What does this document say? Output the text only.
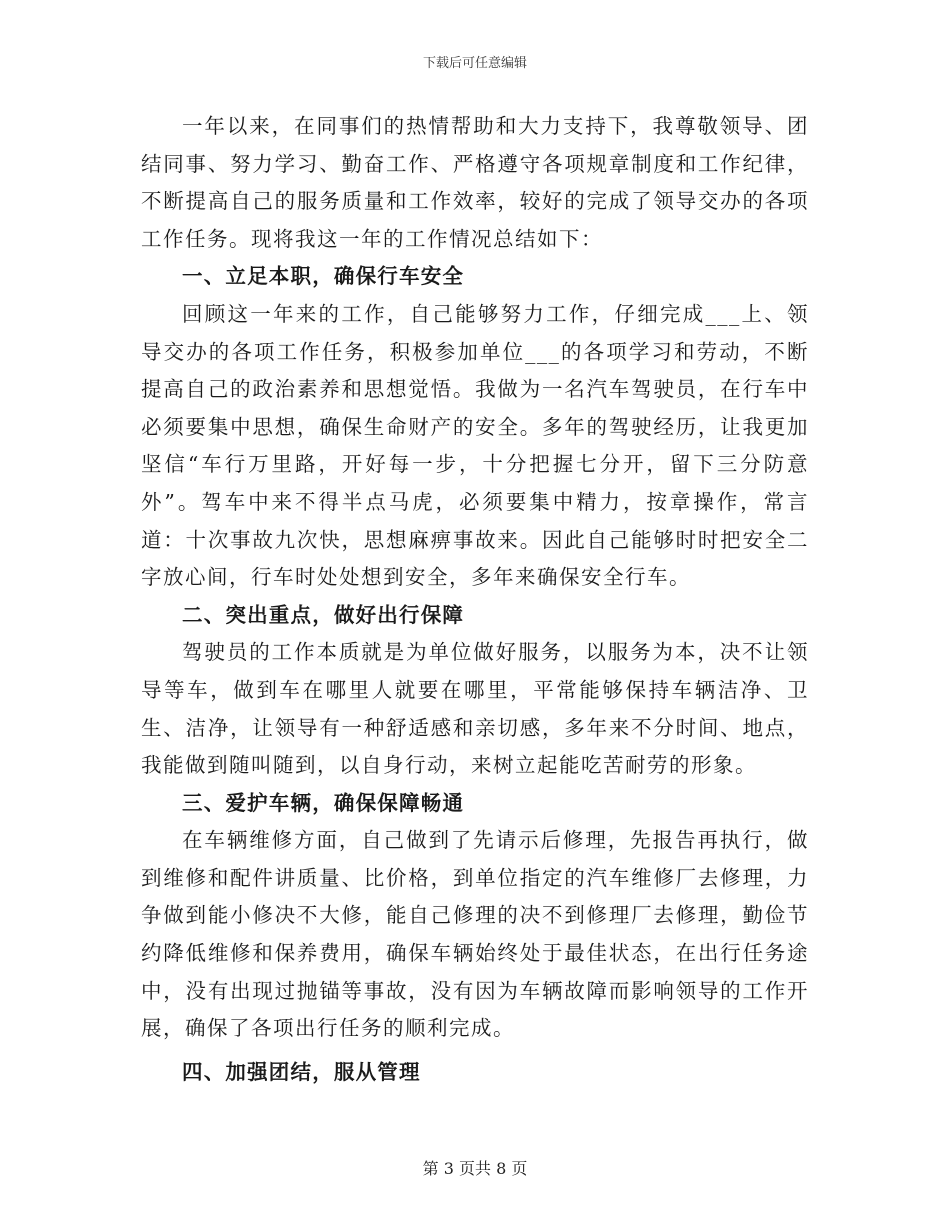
下载后可任意编辑

一年以来，在同事们的热情帮助和大力支持下，我尊敬领导、团结同事、努力学习、勤奋工作、严格遵守各项规章制度和工作纪律，不断提高自己的服务质量和工作效率，较好的完成了领导交办的各项工作任务。现将我这一年的工作情况总结如下：

一、立足本职，确保行车安全

回顾这一年来的工作，自己能够努力工作，仔细完成___上、领导交办的各项工作任务，积极参加单位___的各项学习和劳动，不断提高自己的政治素养和思想觉悟。我做为一名汽车驾驶员，在行车中必须要集中思想，确保生命财产的安全。多年的驾驶经历，让我更加坚信“车行万里路，开好每一步，十分把握七分开，留下三分防意外”。驾车中来不得半点马虎，必须要集中精力，按章操作，常言道：十次事故九次快，思想麻痹事故来。因此自己能够时时把安全二字放心间，行车时处处想到安全，多年来确保安全行车。

二、突出重点，做好出行保障

驾驶员的工作本质就是为单位做好服务，以服务为本，决不让领导等车，做到车在哪里人就要在哪里，平常能够保持车辆洁净、卫生、洁净，让领导有一种舒适感和亲切感，多年来不分时间、地点，我能做到随叫随到，以自身行动，来树立起能吃苦耐劳的形象。

三、爱护车辆，确保保障畅通

在车辆维修方面，自己做到了先请示后修理，先报告再执行，做到维修和配件讲质量、比价格，到单位指定的汽车维修厂去修理，力争做到能小修决不大修，能自己修理的决不到修理厂去修理，勤俭节约降低维修和保养费用，确保车辆始终处于最佳状态，在出行任务途中，没有出现过抛锚等事故，没有因为车辆故障而影响领导的工作开展，确保了各项出行任务的顺利完成。

四、加强团结，服从管理

第 3 页共 8 页
